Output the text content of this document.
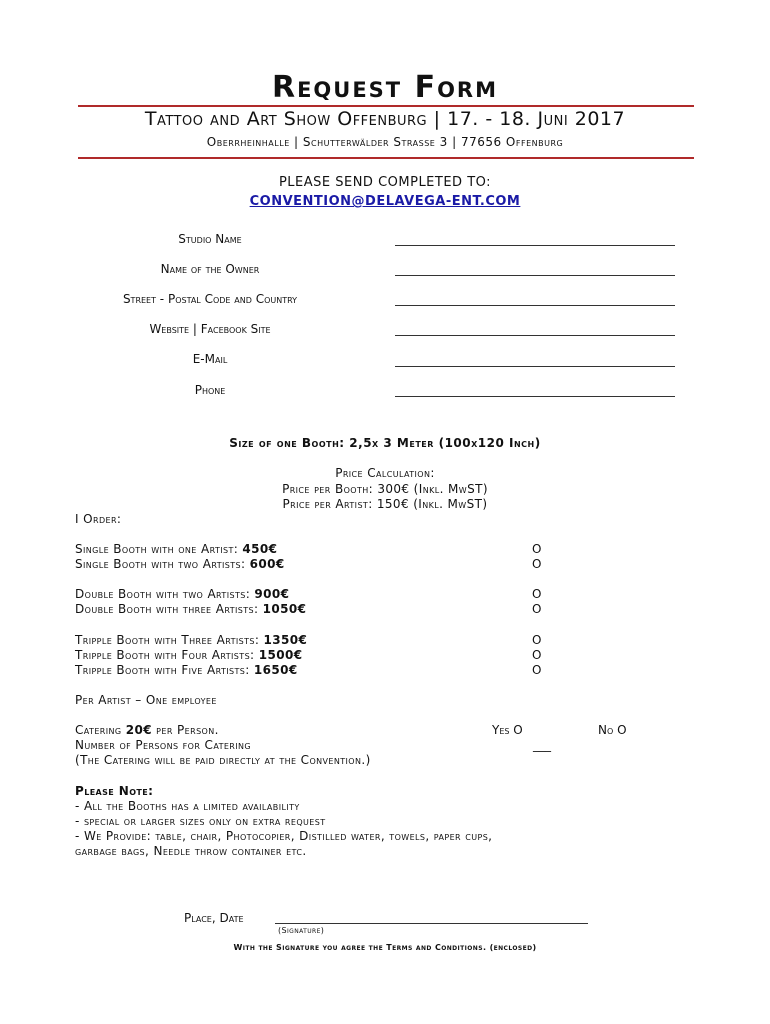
Request Form
Tattoo and Art Show Offenburg | 17. - 18. Juni 2017
Oberrheinhalle | Schutterwälder Strasse 3 | 77656 Offenburg
PLEASE SEND COMPLETED TO:
CONVENTION@DELAVEGA-ENT.COM
Studio Name
Name of the Owner
Street - Postal Code and Country
Website | Facebook Site
E-Mail
Phone
Size of one Booth: 2,5x 3 Meter (100x120 Inch)
Price Calculation:
Price per Booth: 300€ (Inkl. MwST)
Price per Artist: 150€ (Inkl. MwST)
I Order:
Single Booth with one Artist: 450€	O
Single Booth with two Artists: 600€	O
Double Booth with two Artists: 900€	O
Double Booth with three Artists: 1050€	O
Tripple Booth with Three Artists: 1350€	O
Tripple Booth with Four Artists: 1500€	O
Tripple Booth with Five Artists: 1650€	O
Per Artist – One employee
Catering 20€ per Person.	Yes O	No O
Number of Persons for Catering	___
(The Catering will be paid directly at the Convention.)
Please Note:
- All the Booths has a limited availability
- special or larger sizes only on extra request
- We Provide: table, chair, Photocopier, Distilled water, towels, paper cups,
garbage bags, Needle throw container etc.
Place, Date
(Signature)
With the Signature you agree the Terms and Conditions. (enclosed)
